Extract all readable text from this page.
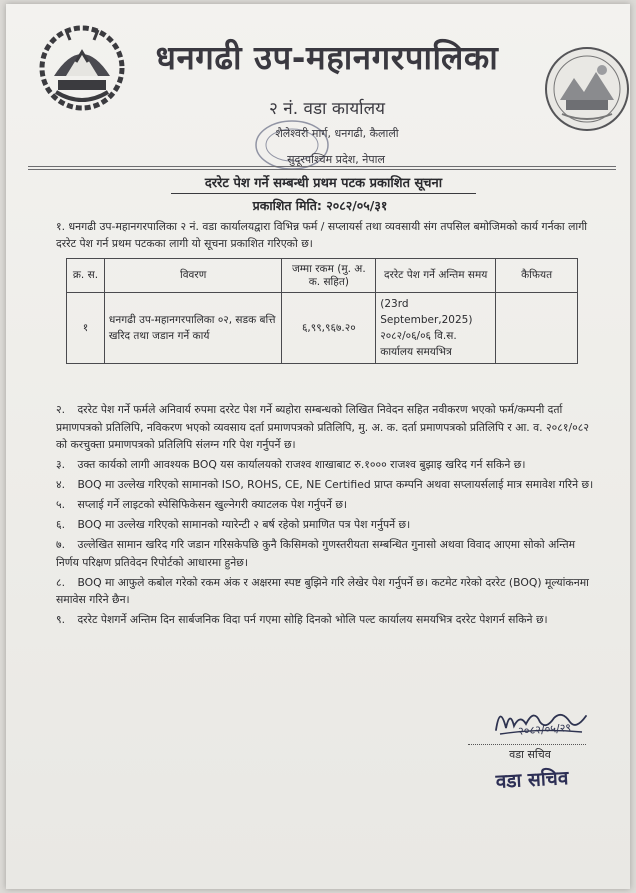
धनगढी उप-महानगरपालिका
२ नं. वडा कार्यालय
शैलेश्वरी मार्ग, धनगढी, कैलाली
सुदूरपश्चिम प्रदेश, नेपाल
दररेट पेश गर्ने सम्बन्धी प्रथम पटक प्रकाशित सूचना
प्रकाशित मिति: २०८२/०५/३१
१. धनगढी उप-महानगरपालिका २ नं. वडा कार्यालयद्वारा विभिन्न फर्म / सप्लायर्स तथा व्यवसायी संग तपसिल बमोजिमको कार्य गर्नका लागी दररेट पेश गर्न प्रथम पटकका लागी यो सूचना प्रकाशित गरिएको छ।
क्र. स.	विवरण	जम्मा रकम (मु. अ. क. सहित)	दररेट पेश गर्ने अन्तिम समय	कैफियत
१	धनगढी उप-महानगरपालिका ०२, सडक बत्ति खरिद तथा जडान गर्ने कार्य	६,९९,९६७.२०	(23rd September,2025) २०८२/०६/०६ वि.स. कार्यालय समयभित्र	
२. दररेट पेश गर्ने फर्मले अनिवार्य रुपमा दररेट पेश गर्ने ब्यहोरा सम्बन्धको लिखित निवेदन सहित नवीकरण भएको फर्म/कम्पनी दर्ता प्रमाणपत्रको प्रतिलिपि, नविकरण भएको व्यवसाय दर्ता प्रमाणपत्रको प्रतिलिपि, मु. अ. क. दर्ता प्रमाणपत्रको प्रतिलिपि र आ. व. २०८१/०८२ को करचुक्ता प्रमाणपत्रको प्रतिलिपि संलग्न गरि पेश गर्नुपर्ने छ।
३. उक्त कार्यको लागी आवश्यक BOQ यस कार्यालयको राजश्व शाखाबाट रु.१००० राजश्व बुझाइ खरिद गर्न सकिने छ।
४. BOQ मा उल्लेख गरिएको सामानको ISO, ROHS, CE, NE Certified प्राप्त कम्पनि अथवा सप्लायर्सलाई मात्र समावेश गरिने छ।
५. सप्लाई गर्ने लाइटको स्पेसिफिकेसन खुल्नेगरी क्याटलक पेश गर्नुपर्ने छ।
६. BOQ मा उल्लेख गरिएको सामानको ग्यारेन्टी २ बर्ष रहेको प्रमाणित पत्र पेश गर्नुपर्ने छ।
७. उल्लेखित सामान खरिद गरि जडान गरिसकेपछि कुनै किसिमको गुणस्तरीयता सम्बन्धित गुनासो अथवा विवाद आएमा सोको अन्तिम निर्णय परिक्षण प्रतिवेदन रिपोर्टको आधारमा हुनेछ।
८. BOQ मा आफुले कबोल गरेको रकम अंक र अक्षरमा स्पष्ट बुझिने गरि लेखेर पेश गर्नुपर्ने छ। कटमेट गरेको दररेट (BOQ) मूल्यांकनमा समावेस गरिने छैन।
९. दररेट पेशगर्ने अन्तिम दिन सार्बजनिक विदा पर्न गएमा सोहि दिनको भोलि पल्ट कार्यालय समयभित्र दररेट पेशगर्न सकिने छ।
२०८२/०५/२९
वडा सचिव
वडा सचिव
